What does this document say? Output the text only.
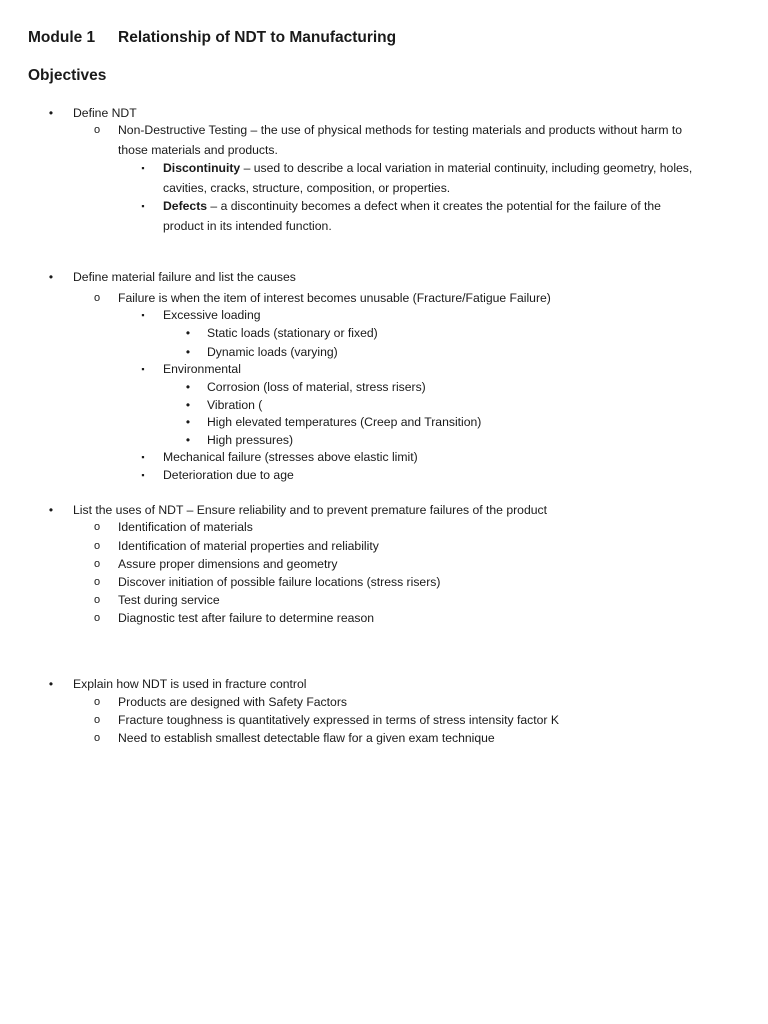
Module 1 Relationship of NDT to Manufacturing
Objectives
•	Define NDT
o	Non-Destructive Testing – the use of physical methods for testing materials and products without harm to
those materials and products.
▪	Discontinuity – used to describe a local variation in material continuity, including geometry, holes,
cavities, cracks, structure, composition, or properties.
▪	Defects – a discontinuity becomes a defect when it creates the potential for the failure of the
product in its intended function.
•	Define material failure and list the causes
o	Failure is when the item of interest becomes unusable (Fracture/Fatigue Failure)
▪	Excessive loading
•	Static loads (stationary or fixed)
•	Dynamic loads (varying)
▪	Environmental
•	Corrosion (loss of material, stress risers)
•	Vibration (
•	High elevated temperatures (Creep and Transition)
•	High pressures)
▪	Mechanical failure (stresses above elastic limit)
▪	Deterioration due to age
•	List the uses of NDT – Ensure reliability and to prevent premature failures of the product
o	Identification of materials
o	Identification of material properties and reliability
o	Assure proper dimensions and geometry
o	Discover initiation of possible failure locations (stress risers)
o	Test during service
o	Diagnostic test after failure to determine reason
•	Explain how NDT is used in fracture control
o	Products are designed with Safety Factors
o	Fracture toughness is quantitatively expressed in terms of stress intensity factor K
o	Need to establish smallest detectable flaw for a given exam technique
